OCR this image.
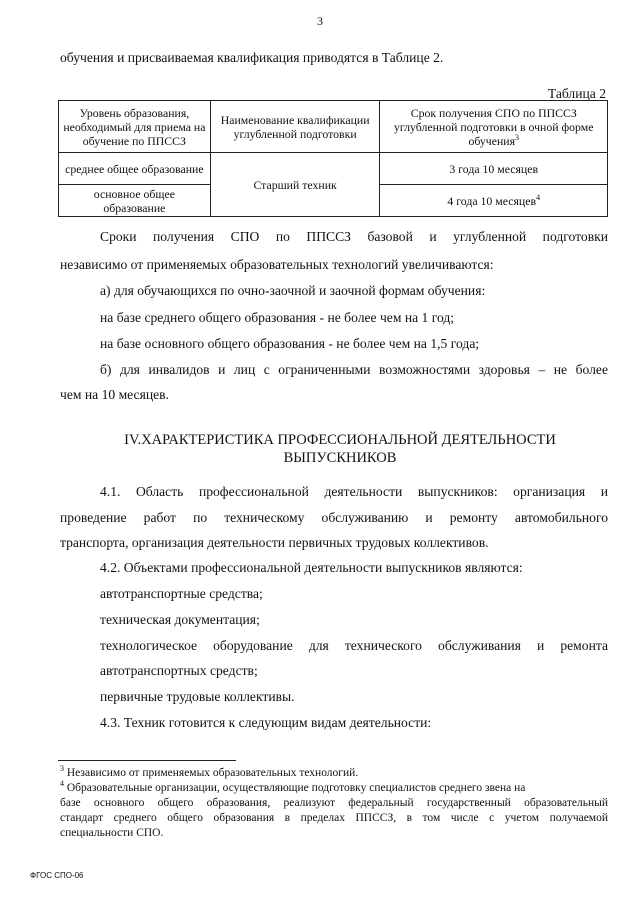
3
обучения и присваиваемая квалификация приводятся в Таблице 2.
Таблица 2
Уровень образования, необходимый для приема на обучение по ППССЗ	Наименование квалификации углубленной подготовки	Срок получения СПО по ППССЗ углубленной подготовки в очной форме обучения$^3$
среднее общее образование	Старший техник	3 года 10 месяцев
основное общее образование		4 года 10 месяцев$^4$
Сроки получения СПО по ППССЗ базовой и углубленной подготовки
независимо от применяемых образовательных технологий увеличиваются:
а) для обучающихся по очно-заочной и заочной формам обучения:
на базе среднего общего образования - не более чем на 1 год;
на базе основного общего образования - не более чем на 1,5 года;
б) для инвалидов и лиц с ограниченными возможностями здоровья – не более
чем на 10 месяцев.
IV.ХАРАКТЕРИСТИКА ПРОФЕССИОНАЛЬНОЙ ДЕЯТЕЛЬНОСТИ
ВЫПУСКНИКОВ
4.1. Область профессиональной деятельности выпускников: организация и
проведение работ по техническому обслуживанию и ремонту автомобильного
транспорта, организация деятельности первичных трудовых коллективов.
4.2. Объектами профессиональной деятельности выпускников являются:
автотранспортные средства;
техническая документация;
технологическое оборудование для технического обслуживания и ремонта
автотранспортных средств;
первичные трудовые коллективы.
4.3. Техник готовится к следующим видам деятельности:
$^3$ Независимо от применяемых образовательных технологий.
$^4$ Образовательные организации, осуществляющие подготовку специалистов среднего звена на
базе основного общего образования, реализуют федеральный государственный образовательный
стандарт среднего общего образования в пределах ППССЗ, в том числе с учетом получаемой
специальности СПО.
ФГОС СПО-06
